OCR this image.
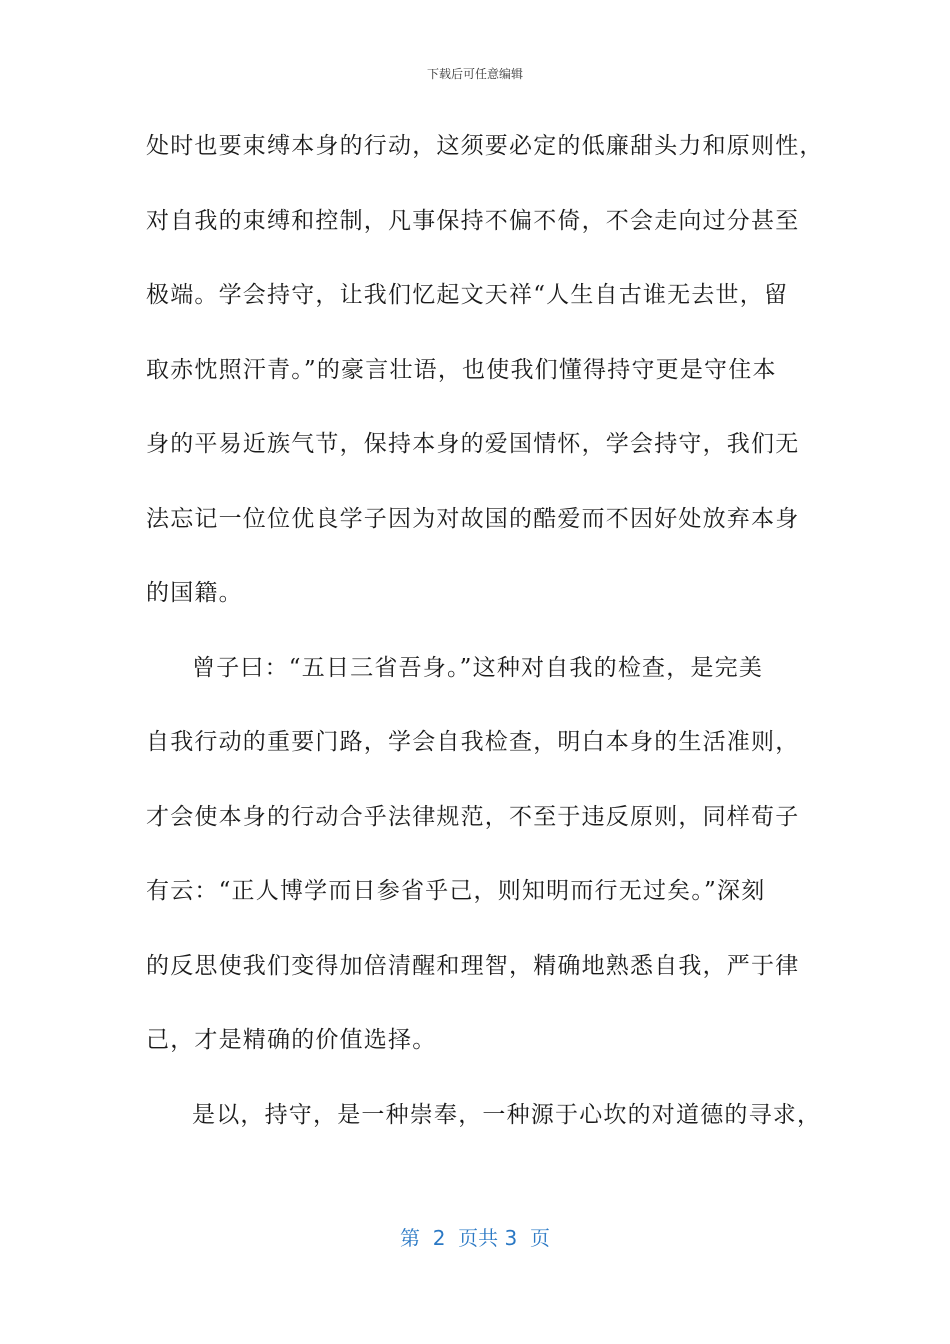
下载后可任意编辑
处时也要束缚本身的行动，这须要必定的低廉甜头力和原则性，
对自我的束缚和控制，凡事保持不偏不倚，不会走向过分甚至
极端。学会持守，让我们忆起文天祥“人生自古谁无去世，留
取赤忱照汗青。”的豪言壮语，也使我们懂得持守更是守住本
身的平易近族气节，保持本身的爱国情怀，学会持守，我们无
法忘记一位位优良学子因为对故国的酷爱而不因好处放弃本身
的国籍。
曾子曰：“五日三省吾身。”这种对自我的检查，是完美
自我行动的重要门路，学会自我检查，明白本身的生活准则，
才会使本身的行动合乎法律规范，不至于违反原则，同样荀子
有云：“正人博学而日参省乎己，则知明而行无过矣。”深刻
的反思使我们变得加倍清醒和理智，精确地熟悉自我，严于律
己，才是精确的价值选择。
是以，持守，是一种崇奉，一种源于心坎的对道德的寻求，
第  2  页共 3  页
